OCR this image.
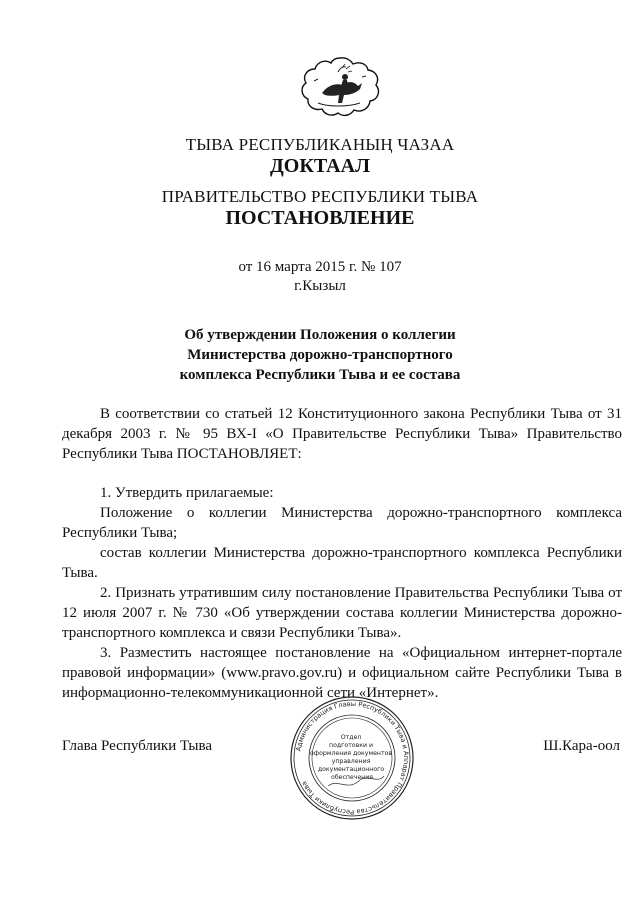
ТЫВА РЕСПУБЛИКАНЫҢ ЧАЗАА
ДОКТААЛ
ПРАВИТЕЛЬСТВО РЕСПУБЛИКИ ТЫВА
ПОСТАНОВЛЕНИЕ
от 16 марта 2015 г. № 107
г.Кызыл
Об утверждении Положения о коллегии
Министерства дорожно-транспортного
комплекса Республики Тыва и ее состава

В соответствии со статьей 12 Конституционного закона Республики Тыва от 31 декабря 2003 г. № 95 ВХ-I «О Правительстве Республики Тыва» Правительство Республики Тыва ПОСТАНОВЛЯЕТ:

1. Утвердить прилагаемые:

Положение о коллегии Министерства дорожно-транспортного комплекса Республики Тыва;

состав коллегии Министерства дорожно-транспортного комплекса Республики Тыва.

2. Признать утратившим силу постановление Правительства Республики Тыва от 12 июля 2007 г. № 730 «Об утверждении состава коллегии Министерства дорожно-транспортного комплекса и связи Республики Тыва».

3. Разместить настоящее постановление на «Официальном интернет-портале правовой информации» (www.pravo.gov.ru) и официальном сайте Республики Тыва в информационно-телекоммуникационной сети «Интернет».

Глава Республики Тыва	Ш.Кара-оол
Администрация Главы Республики Тыва и Аппарат Правительства Республики Тыва
Отдел подготовки и оформления документов управления документационного обеспечения
